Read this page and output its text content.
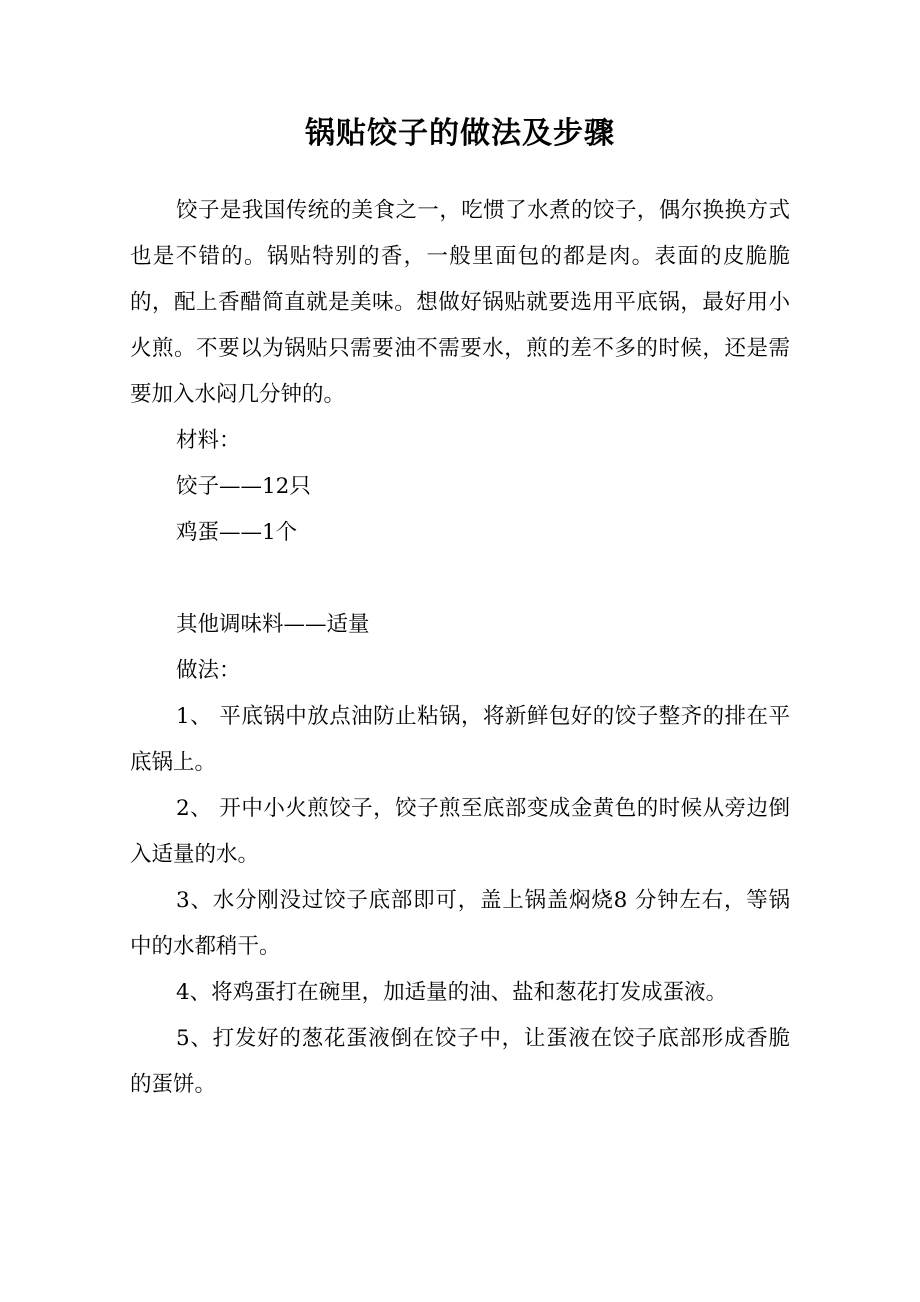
锅贴饺子的做法及步骤

饺子是我国传统的美食之一，吃惯了水煮的饺子，偶尔换换方式也是不错的。锅贴特别的香，一般里面包的都是肉。表面的皮脆脆的，配上香醋简直就是美味。想做好锅贴就要选用平底锅，最好用小火煎。不要以为锅贴只需要油不需要水，煎的差不多的时候，还是需要加入水闷几分钟的。

材料：

饺子——12只

鸡蛋——1个

其他调味料——适量

做法：

1、 平底锅中放点油防止粘锅，将新鲜包好的饺子整齐的排在平底锅上。

2、 开中小火煎饺子，饺子煎至底部变成金黄色的时候从旁边倒入适量的水。

3、水分刚没过饺子底部即可，盖上锅盖焖烧8 分钟左右，等锅中的水都稍干。

4、将鸡蛋打在碗里，加适量的油、盐和葱花打发成蛋液。

5、打发好的葱花蛋液倒在饺子中，让蛋液在饺子底部形成香脆的蛋饼。
